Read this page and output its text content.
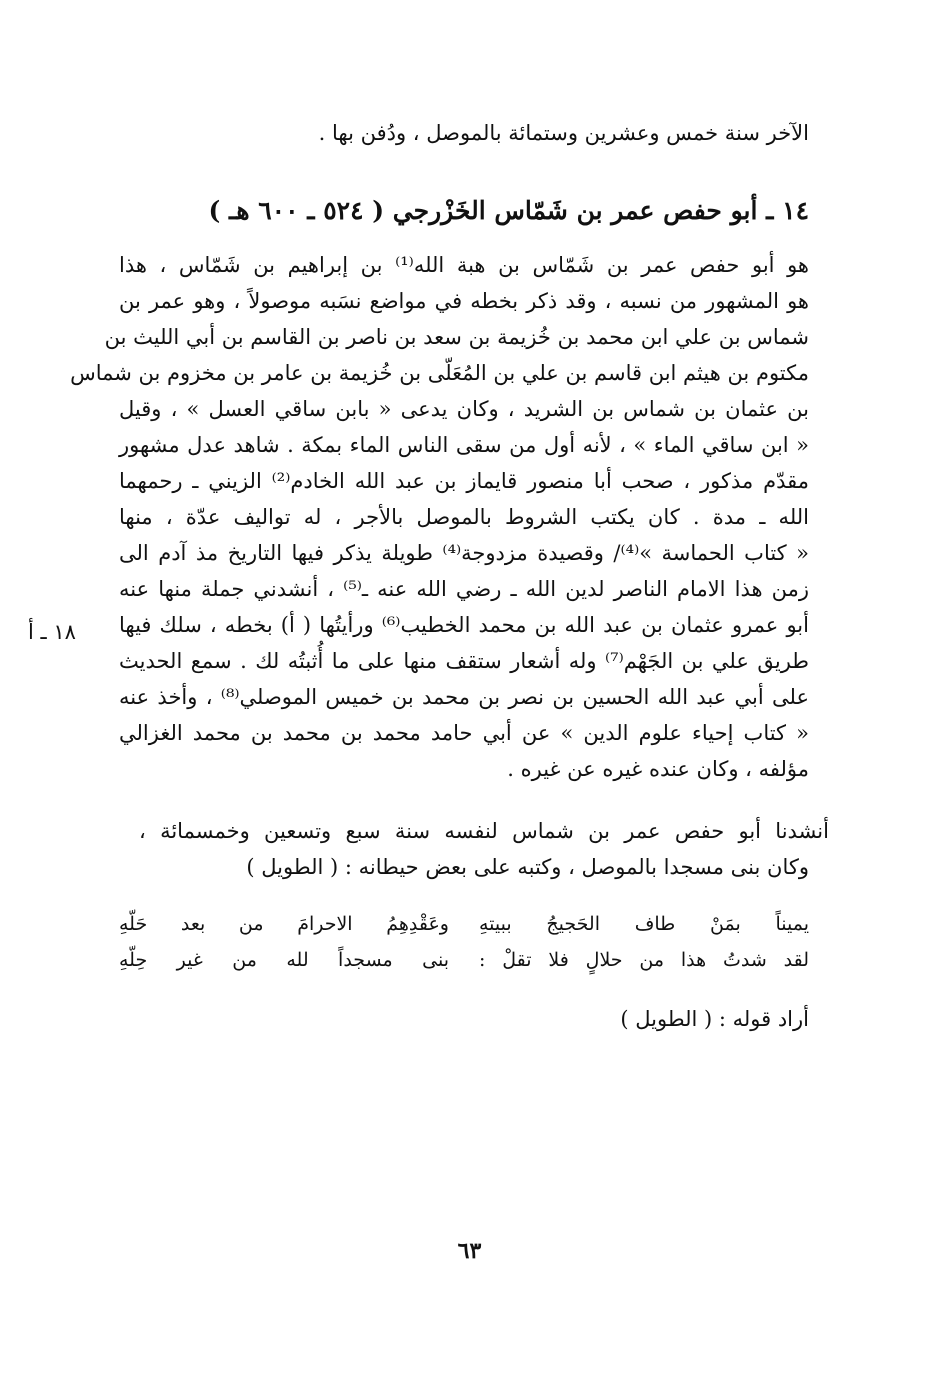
الآخر سنة خمس وعشرين وستمائة بالموصل ، ودُفن بها .
١٤ ـ أبو حفص عمر بن شَمّاس الخَزْرجي ( ٥٢٤ ـ ٦٠٠ هـ )
هو أبو حفص عمر بن شَمّاس بن هبة الله⁽¹⁾ بن إبراهيم بن شَمّاس ، هذا
هو المشهور من نسبه ، وقد ذكر بخطه في مواضع نسَبه موصولاً ، وهو عمر بن
شماس بن علي ابن محمد بن خُزيمة بن سعد بن ناصر بن القاسم بن أبي الليث بن
مكتوم بن هيثم ابن قاسم بن علي بن المُعَلّى بن خُزيمة بن عامر بن مخزوم بن شماس
بن عثمان بن شماس بن الشريد ، وكان يدعى « بابن ساقي العسل » ، وقيل
« ابن ساقي الماء » ، لأنه أول من سقى الناس الماء بمكة . شاهد عدل مشهور
مقدّم مذكور ، صحب أبا منصور قايماز بن عبد الله الخادم⁽²⁾ الزيني ـ رحمهما
الله ـ مدة . كان يكتب الشروط بالموصل بالأجر ، له تواليف عدّة ، منها
« كتاب الحماسة »⁽⁴⁾/ وقصيدة مزدوجة⁽⁴⁾ طويلة يذكر فيها التاريخ مذ آدم الى
زمن هذا الامام الناصر لدين الله ـ رضي الله عنه ـ⁽⁵⁾ ، أنشدني جملة منها عنه
أبو عمرو عثمان بن عبد الله بن محمد الخطيب⁽⁶⁾ ورأيتُها ( أ) بخطه ، سلك فيها
طريق علي بن الجَهْم⁽⁷⁾ وله أشعار ستقف منها على ما أُثبتُه لك . سمع الحديث
على أبي عبد الله الحسين بن نصر بن محمد بن خميس الموصلي⁽⁸⁾ ، وأخذ عنه
« كتاب إحياء علوم الدين » عن أبي حامد محمد بن محمد بن محمد الغزالي
مؤلفه ، وكان عنده غيره عن غيره .
١٨ ـ أ
أنشدنا أبو حفص عمر بن شماس لنفسه سنة سبع وتسعين وخمسمائة ،
وكان بنى مسجدا بالموصل ، وكتبه على بعض حيطانه : ( الطويل )
يميناً بمَنْ طاف الحَجيجُ ببيتهِ
وعَقْدِهِمُ الاحرامَ من بعد حَلّهِ
لقد شدتُ هذا من حلالٍ فلا تقلْ :
بنى مسجداً لله من غير حِلّهِ
أراد قوله : ( الطويل )
٦٣
